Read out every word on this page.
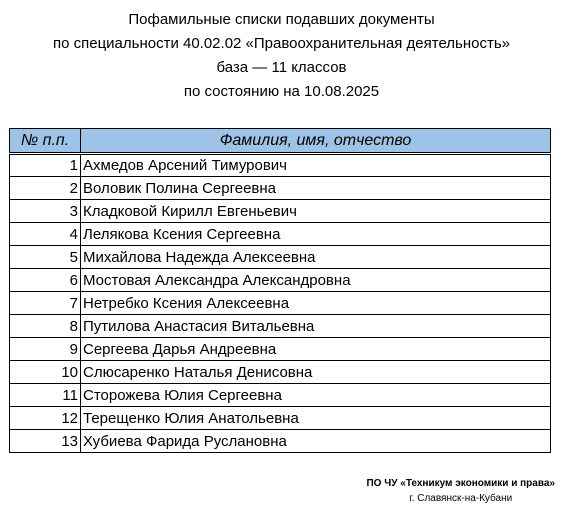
Пофамильные списки подавших документы
по специальности 40.02.02 «Правоохранительная деятельность»
база — 11 классов
по состоянию на 10.08.2025
№ п.п.	Фамилия, имя, отчество
1	Ахмедов Арсений Тимурович
2	Воловик Полина Сергеевна
3	Кладковой Кирилл Евгеньевич
4	Лелякова Ксения Сергеевна
5	Михайлова Надежда Алексеевна
6	Мостовая Александра Александровна
7	Нетребко Ксения Алексеевна
8	Путилова Анастасия Витальевна
9	Сергеева Дарья Андреевна
10	Слюсаренко Наталья Денисовна
11	Сторожева Юлия Сергеевна
12	Терещенко Юлия Анатольевна
13	Хубиева Фарида Руслановна
ПО ЧУ «Техникум экономики и права»
г. Славянск-на-Кубани
